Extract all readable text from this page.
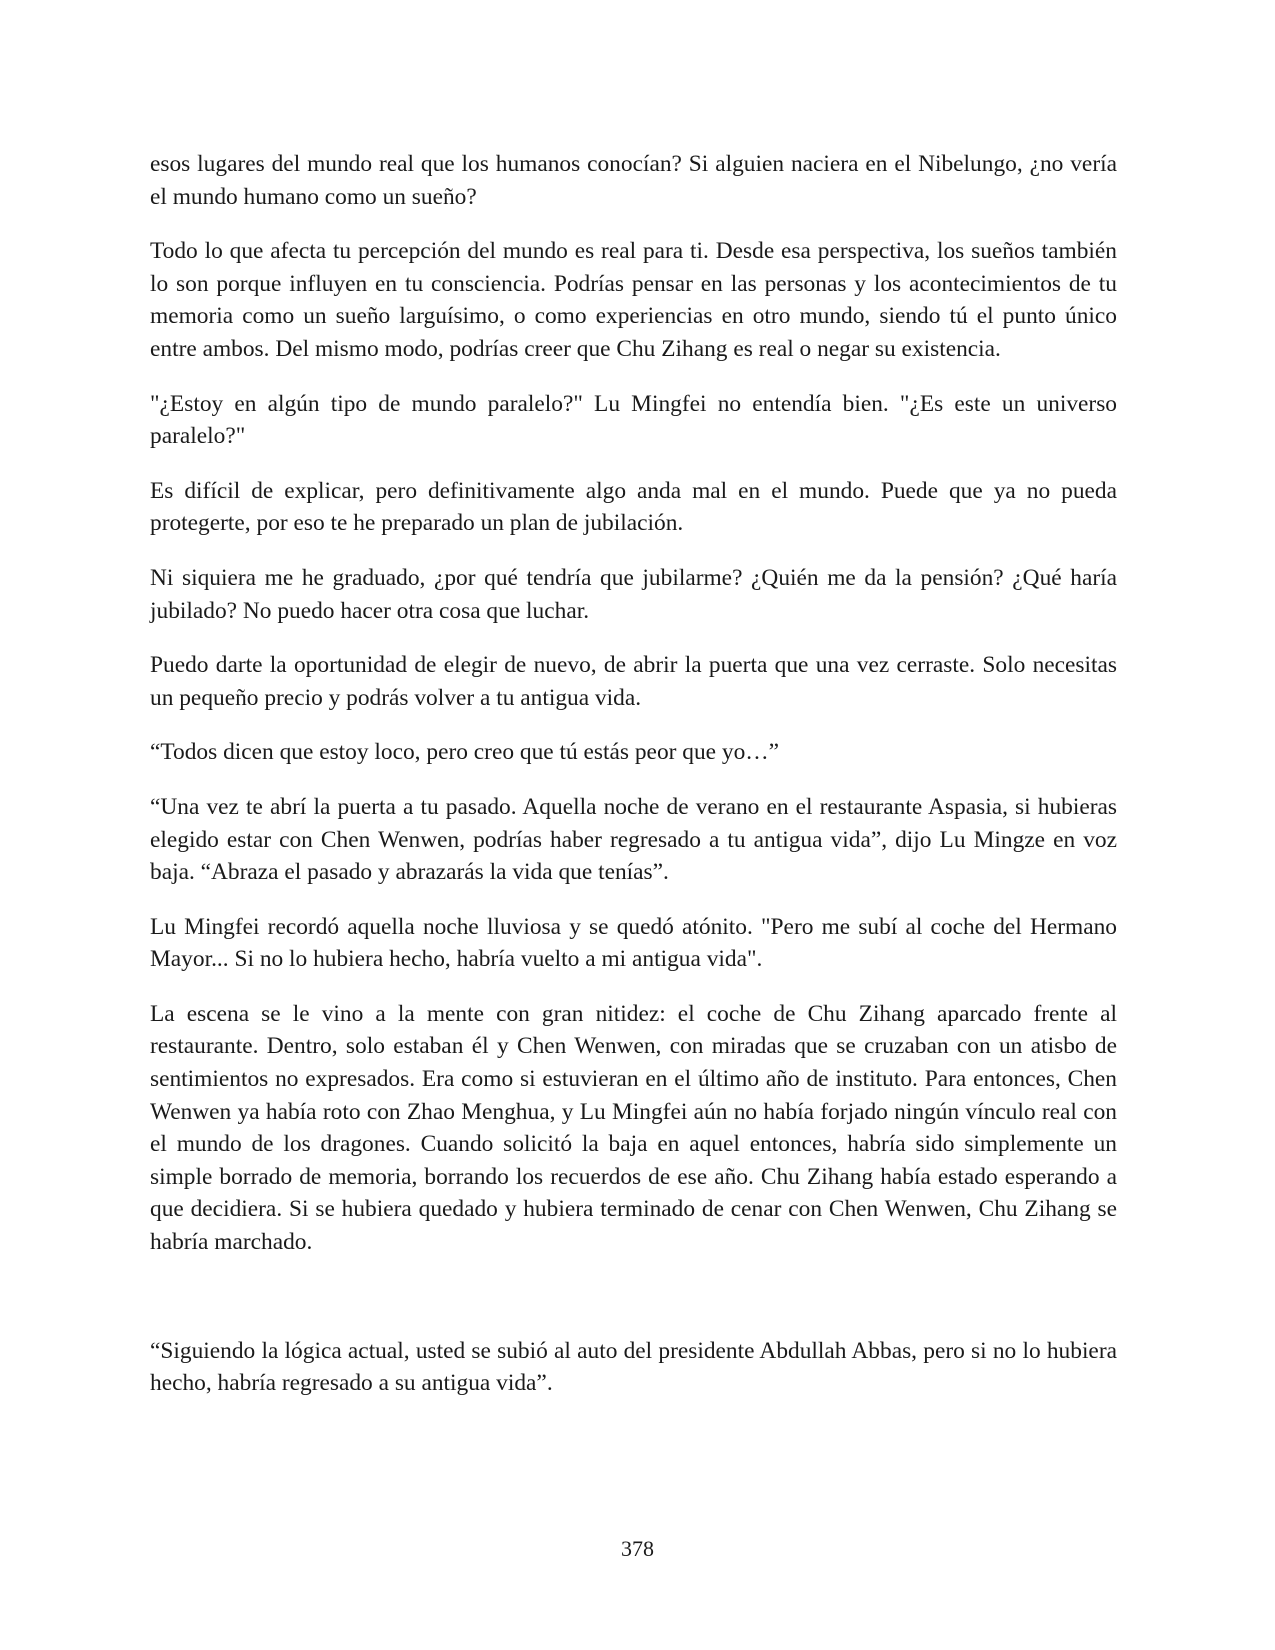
esos lugares del mundo real que los humanos conocían? Si alguien naciera en el Nibelungo, ¿no vería el mundo humano como un sueño?

Todo lo que afecta tu percepción del mundo es real para ti. Desde esa perspectiva, los sueños también lo son porque influyen en tu consciencia. Podrías pensar en las personas y los acontecimientos de tu memoria como un sueño larguísimo, o como experiencias en otro mundo, siendo tú el punto único entre ambos. Del mismo modo, podrías creer que Chu Zihang es real o negar su existencia.

"¿Estoy en algún tipo de mundo paralelo?" Lu Mingfei no entendía bien. "¿Es este un universo paralelo?"

Es difícil de explicar, pero definitivamente algo anda mal en el mundo. Puede que ya no pueda protegerte, por eso te he preparado un plan de jubilación.

Ni siquiera me he graduado, ¿por qué tendría que jubilarme? ¿Quién me da la pensión? ¿Qué haría jubilado? No puedo hacer otra cosa que luchar.

Puedo darte la oportunidad de elegir de nuevo, de abrir la puerta que una vez cerraste. Solo necesitas un pequeño precio y podrás volver a tu antigua vida.

“Todos dicen que estoy loco, pero creo que tú estás peor que yo…”

“Una vez te abrí la puerta a tu pasado. Aquella noche de verano en el restaurante Aspasia, si hubieras elegido estar con Chen Wenwen, podrías haber regresado a tu antigua vida”, dijo Lu Mingze en voz baja. “Abraza el pasado y abrazarás la vida que tenías”.

Lu Mingfei recordó aquella noche lluviosa y se quedó atónito. "Pero me subí al coche del Hermano Mayor... Si no lo hubiera hecho, habría vuelto a mi antigua vida".

La escena se le vino a la mente con gran nitidez: el coche de Chu Zihang aparcado frente al restaurante. Dentro, solo estaban él y Chen Wenwen, con miradas que se cruzaban con un atisbo de sentimientos no expresados. Era como si estuvieran en el último año de instituto. Para entonces, Chen Wenwen ya había roto con Zhao Menghua, y Lu Mingfei aún no había forjado ningún vínculo real con el mundo de los dragones. Cuando solicitó la baja en aquel entonces, habría sido simplemente un simple borrado de memoria, borrando los recuerdos de ese año. Chu Zihang había estado esperando a que decidiera. Si se hubiera quedado y hubiera terminado de cenar con Chen Wenwen, Chu Zihang se habría marchado.

“Siguiendo la lógica actual, usted se subió al auto del presidente Abdullah Abbas, pero si no lo hubiera hecho, habría regresado a su antigua vida”.

378
